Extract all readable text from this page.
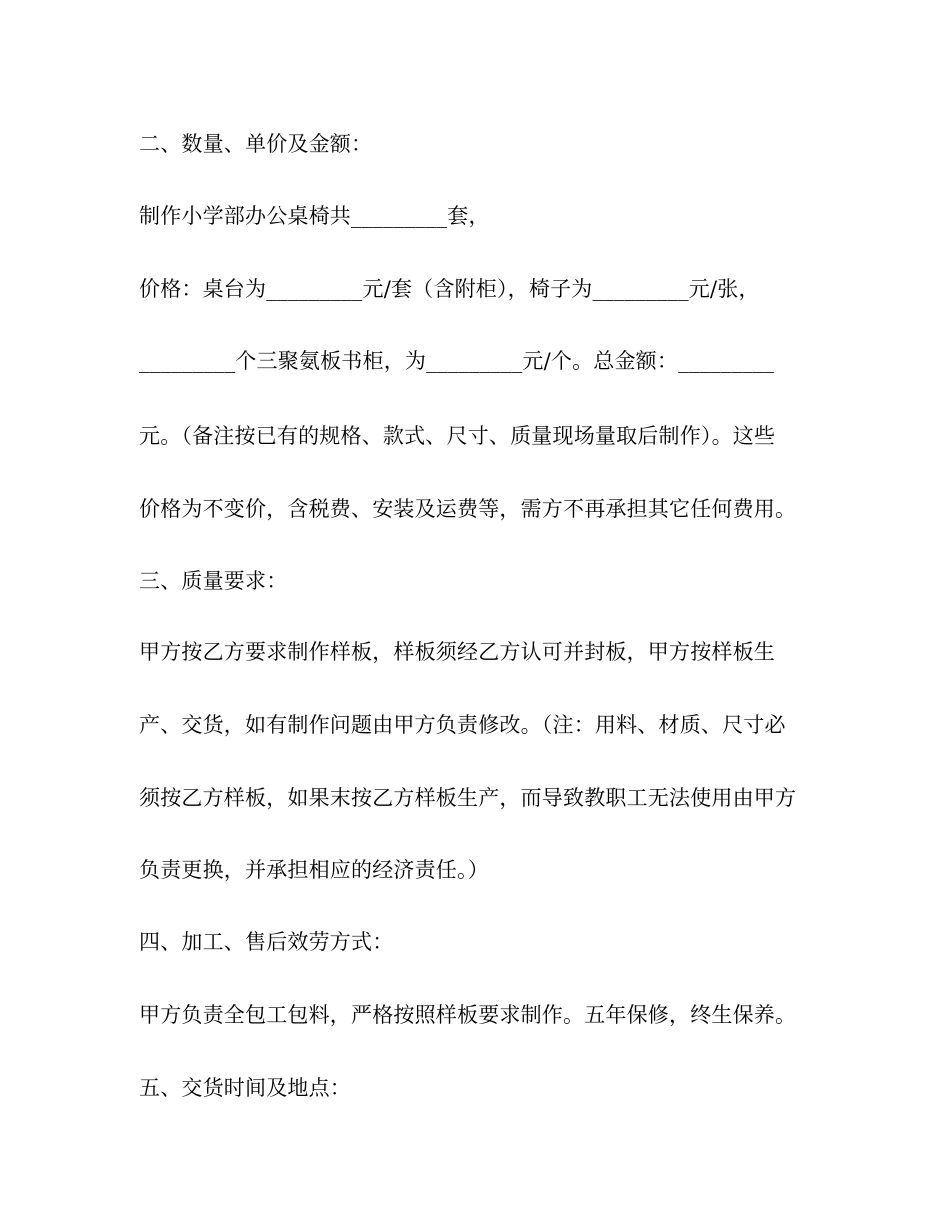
二、数量、单价及金额：
制作小学部办公桌椅共_________套，
价格：桌台为_________元/套（含附柜），椅子为_________元/张，
_________个三聚氨板书柜，为_________元/个。总金额：_________
元。（备注按已有的规格、款式、尺寸、质量现场量取后制作）。这些
价格为不变价，含税费、安装及运费等，需方不再承担其它任何费用。
三、质量要求：
甲方按乙方要求制作样板，样板须经乙方认可并封板，甲方按样板生
产、交货，如有制作问题由甲方负责修改。（注：用料、材质、尺寸必
须按乙方样板，如果末按乙方样板生产，而导致教职工无法使用由甲方
负责更换，并承担相应的经济责任。）
四、加工、售后效劳方式：
甲方负责全包工包料，严格按照样板要求制作。五年保修，终生保养。
五、交货时间及地点：
